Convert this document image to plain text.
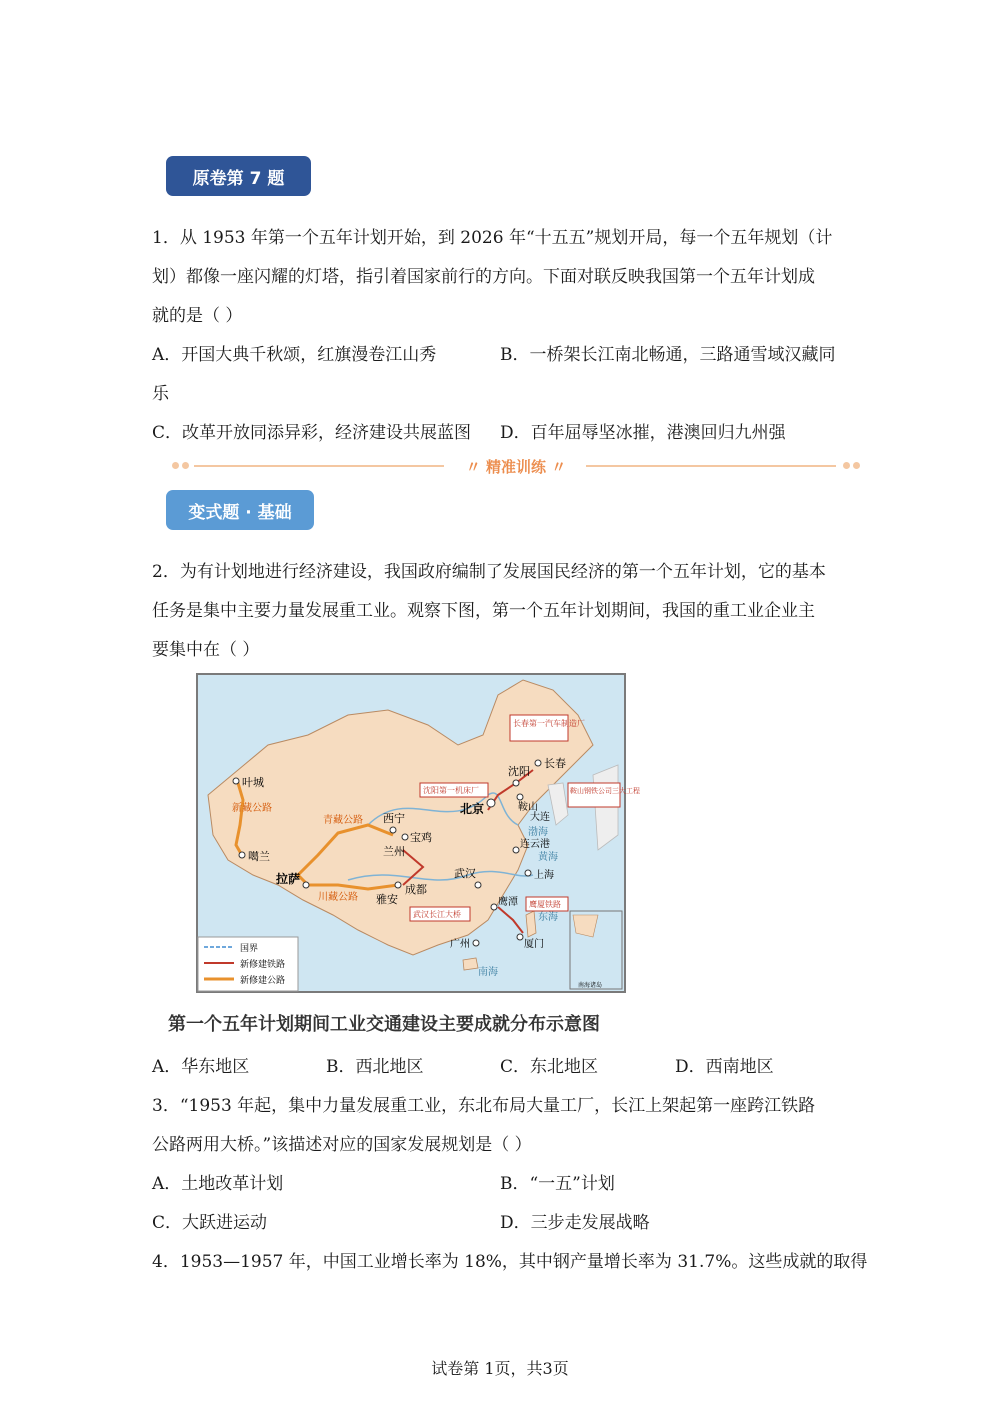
原卷第 7 题
1．从 1953 年第一个五年计划开始，到 2026 年“十五五”规划开局，每一个五年规划（计
划）都像一座闪耀的灯塔，指引着国家前行的方向。下面对联反映我国第一个五年计划成
就的是（ ）
A．开国大典千秋颂，红旗漫卷江山秀	B．一桥架长江南北畅通，三路通雪域汉藏同
乐
C．改革开放同添异彩，经济建设共展蓝图 D．百年屈辱坚冰摧，港澳回归九州强
〃 精准训练 〃
变式题 · 基础
2．为有计划地进行经济建设，我国政府编制了发展国民经济的第一个五年计划，它的基本
任务是集中主要力量发展重工业。观察下图，第一个五年计划期间，我国的重工业企业主
要集中在（ ）
叶城
噶兰
拉萨
西宁
兰州
宝鸡
成都
雅安
北京
沈阳
长春
鞍山
大连
武汉
连云港
上海
鹰潭
广州	厦门
新藏公路
青藏公路
川藏公路
渤海
黄海
东海
南海
长春第一汽车制造厂
沈阳第一机床厂	鞍山钢铁公司三大工程
武汉长江大桥
鹰厦铁路
国界
新修建铁路
新修建公路	南海诸岛
第一个五年计划期间工业交通建设主要成就分布示意图
A．华东地区	B．西北地区	C．东北地区	D．西南地区
3．“1953 年起，集中力量发展重工业，东北布局大量工厂，长江上架起第一座跨江铁路
公路两用大桥。”该描述对应的国家发展规划是（ ）
A．土地改革计划	B．“一五”计划
C．大跃进运动	D．三步走发展战略
4．1953—1957 年，中国工业增长率为 18%，其中钢产量增长率为 31.7%。这些成就的取得
试卷第 1页，共3页
